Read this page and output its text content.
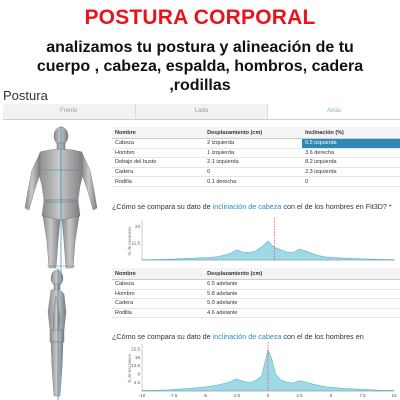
POSTURA CORPORAL
analizamos tu postura y alineación de tu
cuerpo , cabeza, espalda, hombros, cadera
,rodillas
Postura
Frente	Lado	Atrás
Nombre	Desplazamiento (cm)	Inclinación (%)
Cabeza	2 izquierda	0.5 izquierda
Hombro	1 izquierda	3.6 derecha
Debajo del busto	2.1 izquierda	8.2 izquierda
Cadera	0	2.3 izquierda
Rodilla	0.1 derecha	0
¿Cómo se compara su dato de inclinación de cabeza con el de los hombres en Fit3D? *
11.5
23
% de escaneos
Nombre	Desplazamiento (cm)
Cabeza	6.5 adelante
Hombro	5.8 adelante
Cadera	5.9 adelante
Rodilla	4.6 adelante
¿Cómo se compara su dato de inclinación de cabeza con el de los hombres en
4.5
9
13.5
18
22.5
-10	-7.5	-5	-2.5	0	2.5	5	7.5	10
% de escaneos
